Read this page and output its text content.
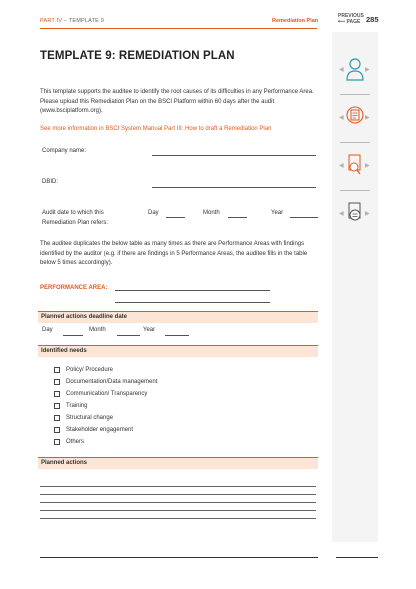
PART IV – TEMPLATE 9	Remediation Plan
PREVIOUS
⟵ PAGE 285
◀	▶
◀	▶
◀	▶
◀	▶
TEMPLATE 9: REMEDIATION PLAN
This template supports the auditee to identify the root causes of its difficulties in any Performance Area. Please upload this Remediation Plan on the BSCI Platform within 60 days after the audit (www.bsciplatform.org).
See more information in BSCI System Manual Part III: How to draft a Remediation Plan
Company name:
DBID:
Audit date to which this
Remediation Plan refers:
Day	Month	Year
The auditee duplicates the below table as many times as there are Performance Areas with findings identified by the auditor (e.g. if there are findings in 5 Performance Areas, the auditee fills in the table below 5 times accordingly).
PERFORMANCE AREA:
Planned actions deadline date
Day	Month	Year
Identified needs
Policy/ Procedure
Documentation/Data management
Communication/ Transparency
Training
Structural change
Stakeholder engagement
Others
Planned actions
